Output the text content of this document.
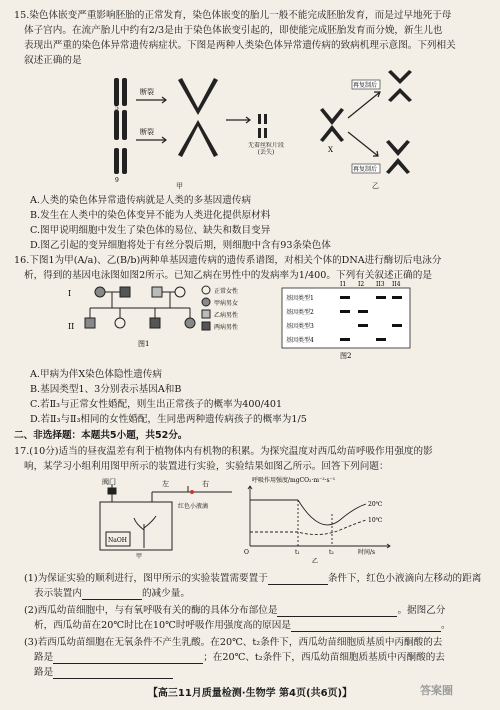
15.染色体嵌变严重影响胚胎的正常发育，染色体嵌变的胎儿一般不能完成胚胎发育，而是过早地死于母
体子宫内。在流产胎儿中约有2/3是由于染色体嵌变引起的，即使能完成胚胎发育而分娩，新生儿也
表现出严重的染色体异常遗传病症状。下图是两种人类染色体异常遗传病的致病机理示意图。下列相关
叙述正确的是
断裂
断裂
5
9
无着丝粒片段(丢失)
再复制后
再复制后
X
甲	乙
A.人类的染色体异常遗传病就是人类的多基因遗传病
B.发生在人类中的染色体变异不能为人类进化提供原材料
C.图甲说明细胞中发生了染色体的易位、缺失和数目变异
D.图乙引起的变异细胞将处于有丝分裂后期，则细胞中含有93条染色体
16.下图1为甲(A/a)、乙(B/b)两种单基因遗传病的遗传系谱图，对相关个体的DNA进行酶切后电泳分
析，得到的基因电泳图如图2所示。已知乙病在男性中的发病率为1/400。下列有关叙述正确的是
I
II
正常女性
甲病男女
乙病男性
两病男性
图1
I1 I2 II3 II4
基因类型1
基因类型2
基因类型3
基因类型4
图2
A.甲病为伴X染色体隐性遗传病
B.基因类型1、3分别表示基因A和B
C.若Ⅱ₃与正常女性婚配，则生出正常孩子的概率为400/401
D.若Ⅱ₃与Ⅱ₃相同的女性婚配，生同患两种遗传病孩子的概率为1/5
二、非选择题：本题共5小题，共52分。
17.(10分)适当的昼夜温差有利于植物体内有机物的积累。为探究温度对西瓜幼苗呼吸作用强度的影
响，某学习小组利用图甲所示的装置进行实验，实验结果如图乙所示。回答下列问题：
阀门	左	右
红色小液滴
NaOH
甲
呼吸作用强度/mgCO₂·m⁻²·s⁻¹
20℃
10℃
O	t₁	t₂	时间/s
乙
(1)为保证实验的顺利进行，图甲所示的实验装置需要置于	条件下，红色小液滴向左移动的距离
表示装置内	的减少量。
(2)西瓜幼苗细胞中，与有氧呼吸有关的酶的具体分布部位是	。据图乙分
析，西瓜幼苗在20℃时比在10℃时呼吸作用强度高的原因是	。
(3)若西瓜幼苗细胞在无氧条件不产生乳酸。在20℃、t₂条件下，西瓜幼苗细胞质基质中丙酮酸的去
路是	；在20℃、t₂条件下，西瓜幼苗细胞质基质中丙酮酸的去
路是
【高三11月质量检测·生物学 第4页(共6页)】	答案圈
